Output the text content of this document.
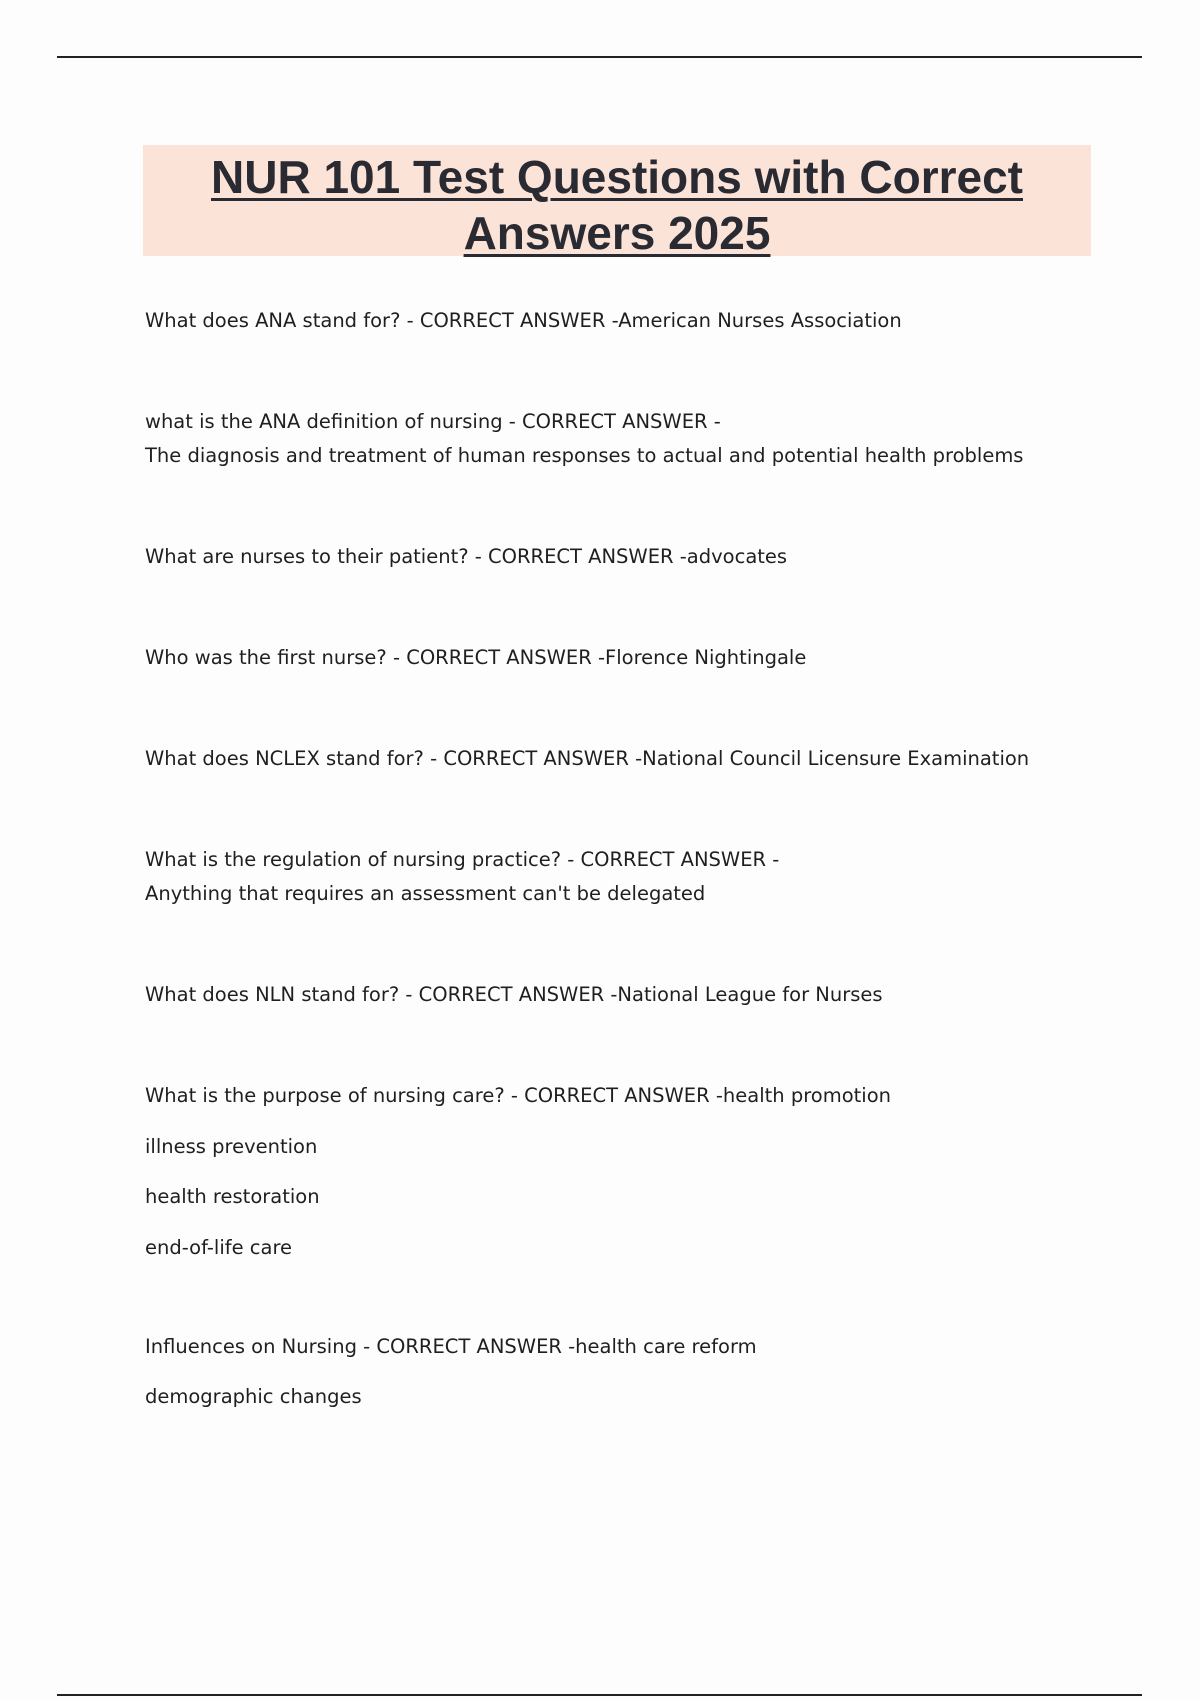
NUR 101 Test Questions with Correct Answers 2025
What does ANA stand for? - CORRECT ANSWER -American Nurses Association
what is the ANA definition of nursing - CORRECT ANSWER -
The diagnosis and treatment of human responses to actual and potential health problems
What are nurses to their patient? - CORRECT ANSWER -advocates
Who was the first nurse? - CORRECT ANSWER -Florence Nightingale
What does NCLEX stand for? - CORRECT ANSWER -National Council Licensure Examination
What is the regulation of nursing practice? - CORRECT ANSWER -
Anything that requires an assessment can't be delegated
What does NLN stand for? - CORRECT ANSWER -National League for Nurses
What is the purpose of nursing care? - CORRECT ANSWER -health promotion
illness prevention
health restoration
end-of-life care
Influences on Nursing - CORRECT ANSWER -health care reform
demographic changes
